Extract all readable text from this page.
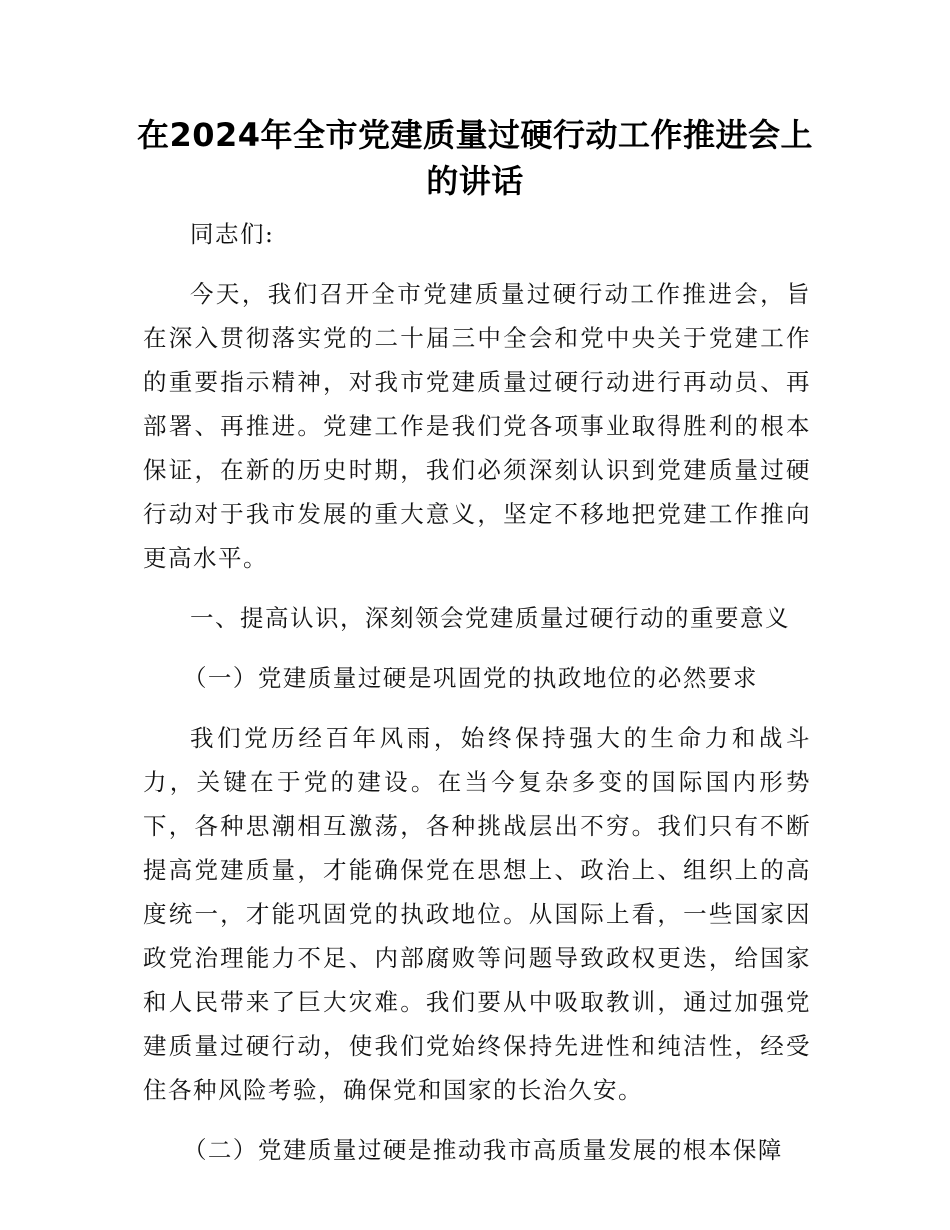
在2024年全市党建质量过硬行动工作推进会上的讲话

同志们:

今天，我们召开全市党建质量过硬行动工作推进会，旨在深入贯彻落实党的二十届三中全会和党中央关于党建工作的重要指示精神，对我市党建质量过硬行动进行再动员、再部署、再推进。党建工作是我们党各项事业取得胜利的根本保证，在新的历史时期，我们必须深刻认识到党建质量过硬行动对于我市发展的重大意义，坚定不移地把党建工作推向更高水平。

一、提高认识，深刻领会党建质量过硬行动的重要意义

（一）党建质量过硬是巩固党的执政地位的必然要求

我们党历经百年风雨，始终保持强大的生命力和战斗力，关键在于党的建设。在当今复杂多变的国际国内形势下，各种思潮相互激荡，各种挑战层出不穷。我们只有不断提高党建质量，才能确保党在思想上、政治上、组织上的高度统一，才能巩固党的执政地位。从国际上看，一些国家因政党治理能力不足、内部腐败等问题导致政权更迭，给国家和人民带来了巨大灾难。我们要从中吸取教训，通过加强党建质量过硬行动，使我们党始终保持先进性和纯洁性，经受住各种风险考验，确保党和国家的长治久安。

（二）党建质量过硬是推动我市高质量发展的根本保障
